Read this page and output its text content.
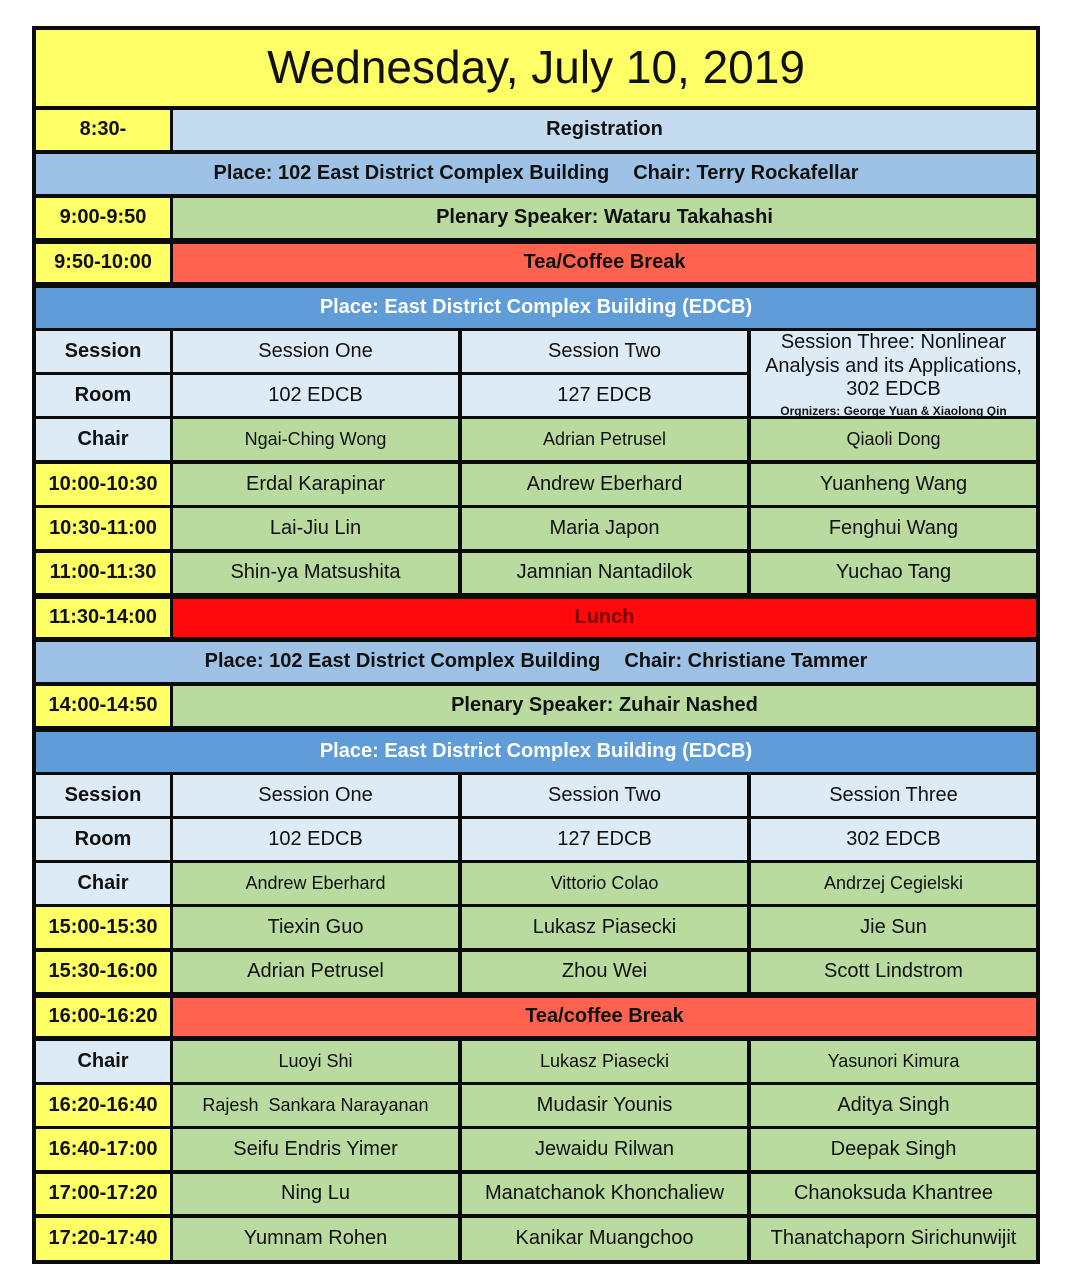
Wednesday, July 10, 2019
8:30-	Registration
Place: 102 East District Complex Building Chair: Terry Rockafellar
9:00-9:50	Plenary Speaker: Wataru Takahashi
9:50-10:00	Tea/Coffee Break
Place: East District Complex Building (EDCB)
Session	Session One	Session Two	Session Three: Nonlinear
Analysis and its Applications,
302 EDCB
Orgnizers: George Yuan & Xiaolong Qin
Room	102 EDCB	127 EDCB
Chair	Ngai-Ching Wong	Adrian Petrusel	Qiaoli Dong
10:00-10:30	Erdal Karapinar	Andrew Eberhard	Yuanheng Wang
10:30-11:00	Lai-Jiu Lin	Maria Japon	Fenghui Wang
11:00-11:30	Shin-ya Matsushita	Jamnian Nantadilok	Yuchao Tang
11:30-14:00	Lunch
Place: 102 East District Complex Building Chair: Christiane Tammer
14:00-14:50	Plenary Speaker: Zuhair Nashed
Place: East District Complex Building (EDCB)
Session	Session One	Session Two	Session Three
Room	102 EDCB	127 EDCB	302 EDCB
Chair	Andrew Eberhard	Vittorio Colao	Andrzej Cegielski
15:00-15:30	Tiexin Guo	Lukasz Piasecki	Jie Sun
15:30-16:00	Adrian Petrusel	Zhou Wei	Scott Lindstrom
16:00-16:20	Tea/coffee Break
Chair	Luoyi Shi	Lukasz Piasecki	Yasunori Kimura
16:20-16:40	Rajesh  Sankara Narayanan	Mudasir Younis	Aditya Singh
16:40-17:00	Seifu Endris Yimer	Jewaidu Rilwan	Deepak Singh
17:00-17:20	Ning Lu	Manatchanok Khonchaliew	Chanoksuda Khantree
17:20-17:40	Yumnam Rohen	Kanikar Muangchoo	Thanatchaporn Sirichunwijit
